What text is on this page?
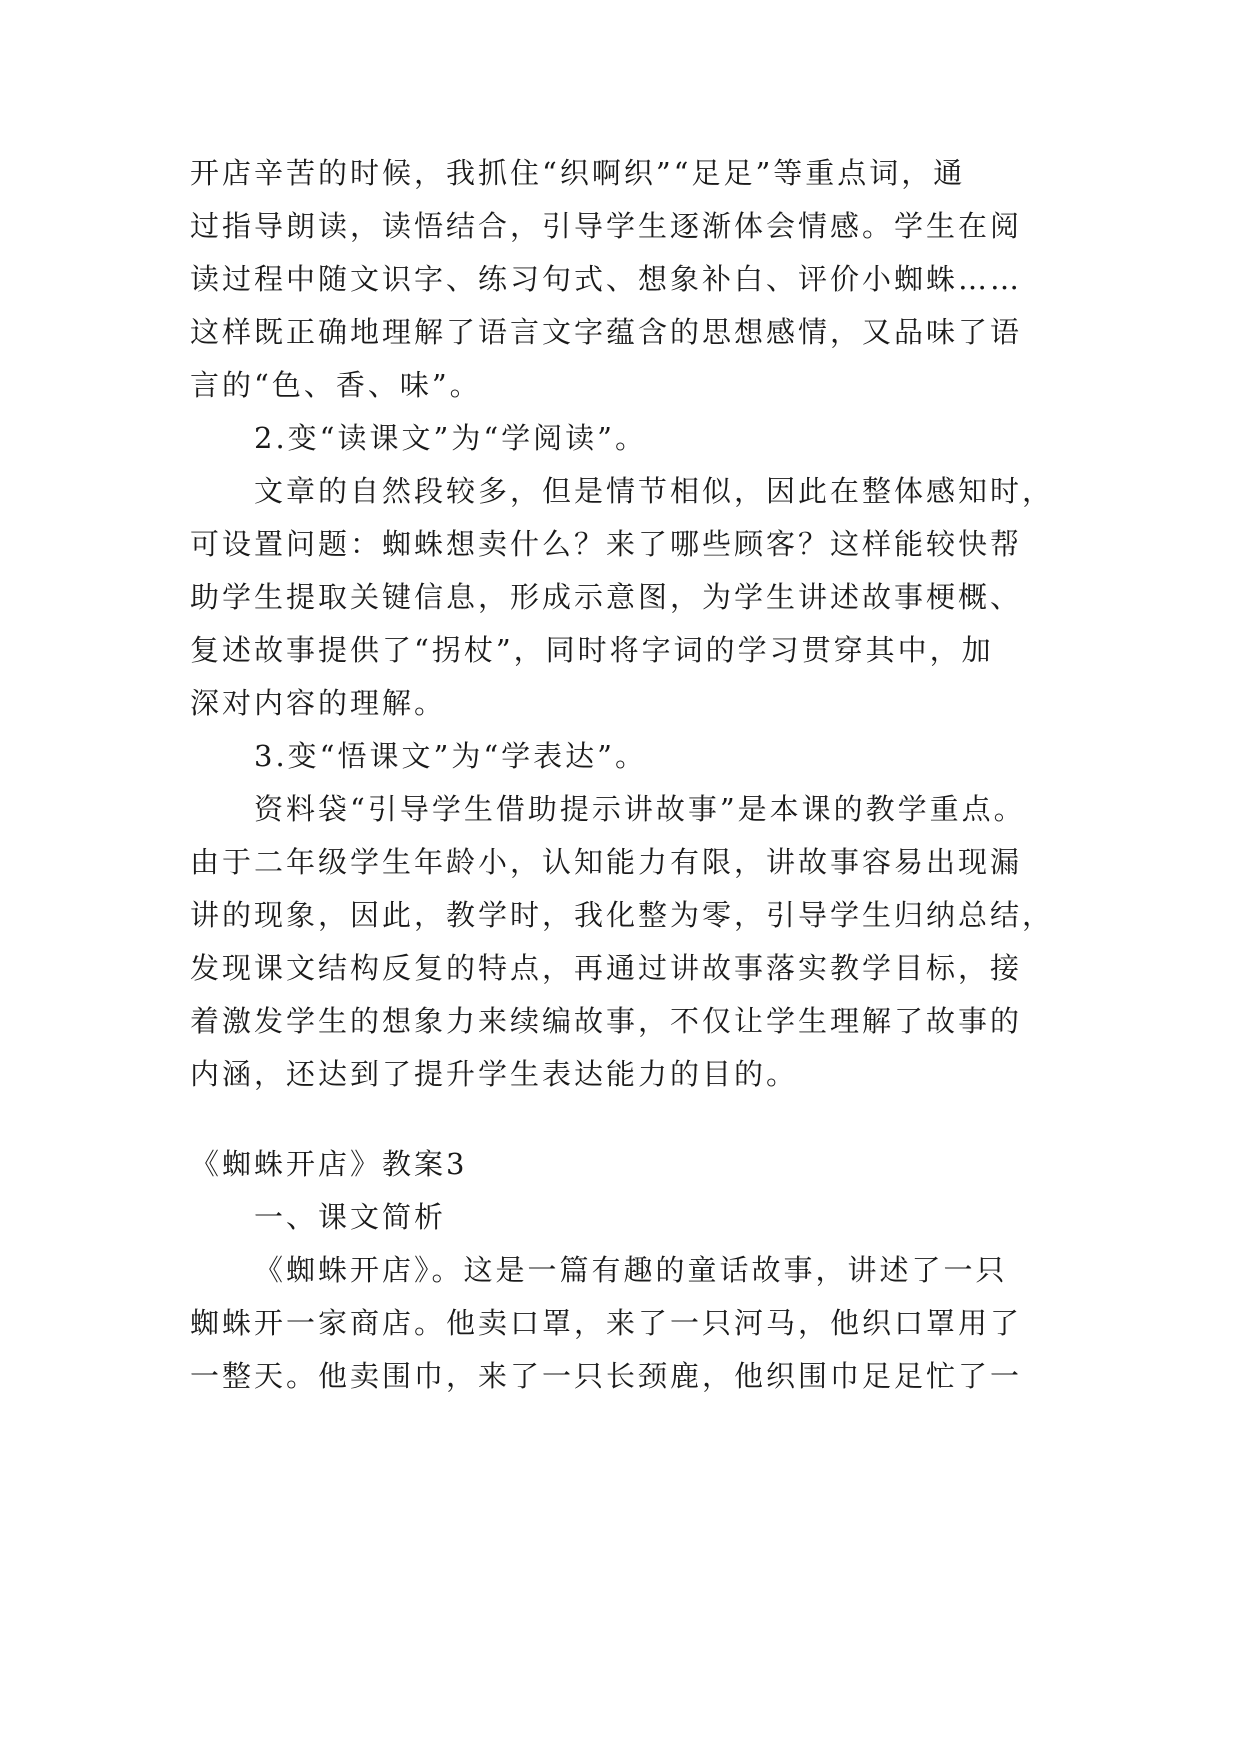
开店辛苦的时候，我抓住“织啊织”“足足”等重点词，通
过指导朗读，读悟结合，引导学生逐渐体会情感。学生在阅
读过程中随文识字、练习句式、想象补白、评价小蜘蛛……
这样既正确地理解了语言文字蕴含的思想感情，又品味了语
言的“色、香、味”。
2.变“读课文”为“学阅读”。
文章的自然段较多，但是情节相似，因此在整体感知时，
可设置问题：蜘蛛想卖什么？来了哪些顾客？这样能较快帮
助学生提取关键信息，形成示意图，为学生讲述故事梗概、
复述故事提供了“拐杖”，同时将字词的学习贯穿其中，加
深对内容的理解。
3.变“悟课文”为“学表达”。
资料袋“引导学生借助提示讲故事”是本课的教学重点。
由于二年级学生年龄小，认知能力有限，讲故事容易出现漏
讲的现象，因此，教学时，我化整为零，引导学生归纳总结，
发现课文结构反复的特点，再通过讲故事落实教学目标，接
着激发学生的想象力来续编故事，不仅让学生理解了故事的
内涵，还达到了提升学生表达能力的目的。
《蜘蛛开店》教案3
一、课文简析
《蜘蛛开店》。这是一篇有趣的童话故事，讲述了一只
蜘蛛开一家商店。他卖口罩，来了一只河马，他织口罩用了
一整天。他卖围巾，来了一只长颈鹿，他织围巾足足忙了一
